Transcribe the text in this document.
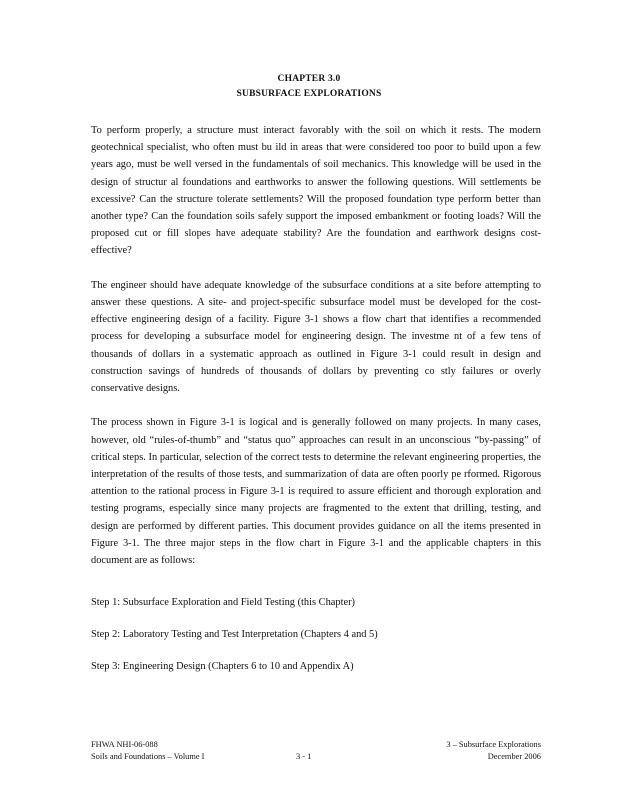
CHAPTER 3.0
SUBSURFACE EXPLORATIONS

To perform properly, a structure must interact favorably with the soil on which it rests. The modern geotechnical specialist, who often must bu ild in areas that were considered too poor to build upon a few years ago, must be well versed in the fundamentals of soil mechanics. This knowledge will be used in the design of structur al foundations and earthworks to answer the following questions. Will settlements be excessive? Can the structure tolerate settlements? Will the proposed foundation type perform better than another type? Can the foundation soils safely support the imposed embankment or footing loads? Will the proposed cut or fill slopes have adequate stability? Are the foundation and earthwork designs cost-effective?

The engineer should have adequate knowledge of the subsurface conditions at a site before attempting to answer these questions. A site- and project-specific subsurface model must be developed for the cost-effective engineering design of a facility. Figure 3-1 shows a flow chart that identifies a recommended process for developing a subsurface model for engineering design. The investme nt of a few tens of thousands of dollars in a systematic approach as outlined in Figure 3-1 could result in design and construction savings of hundreds of thousands of dollars by preventing co stly failures or overly conservative designs.

The process shown in Figure 3-1 is logical and is generally followed on many projects. In many cases, however, old “rules-of-thumb” and “status quo” approaches can result in an unconscious “by-passing” of critical steps. In particular, selection of the correct tests to determine the relevant engineering properties, the interpretation of the results of those tests, and summarization of data are often poorly pe rformed. Rigorous attention to the rational process in Figure 3-1 is required to assure efficient and thorough exploration and testing programs, especially since many projects are fragmented to the extent that drilling, testing, and design are performed by different parties. This document provides guidance on all the items presented in Figure 3-1. The three major steps in the flow chart in Figure 3-1 and the applicable chapters in this document are as follows:

Step 1: Subsurface Exploration and Field Testing (this Chapter)
Step 2: Laboratory Testing and Test Interpretation (Chapters 4 and 5)
Step 3: Engineering Design (Chapters 6 to 10 and Appendix A)
FHWA NHI-06-088
Soils and Foundations – Volume I	3 - 1
3 – Subsurface Explorations
December 2006
